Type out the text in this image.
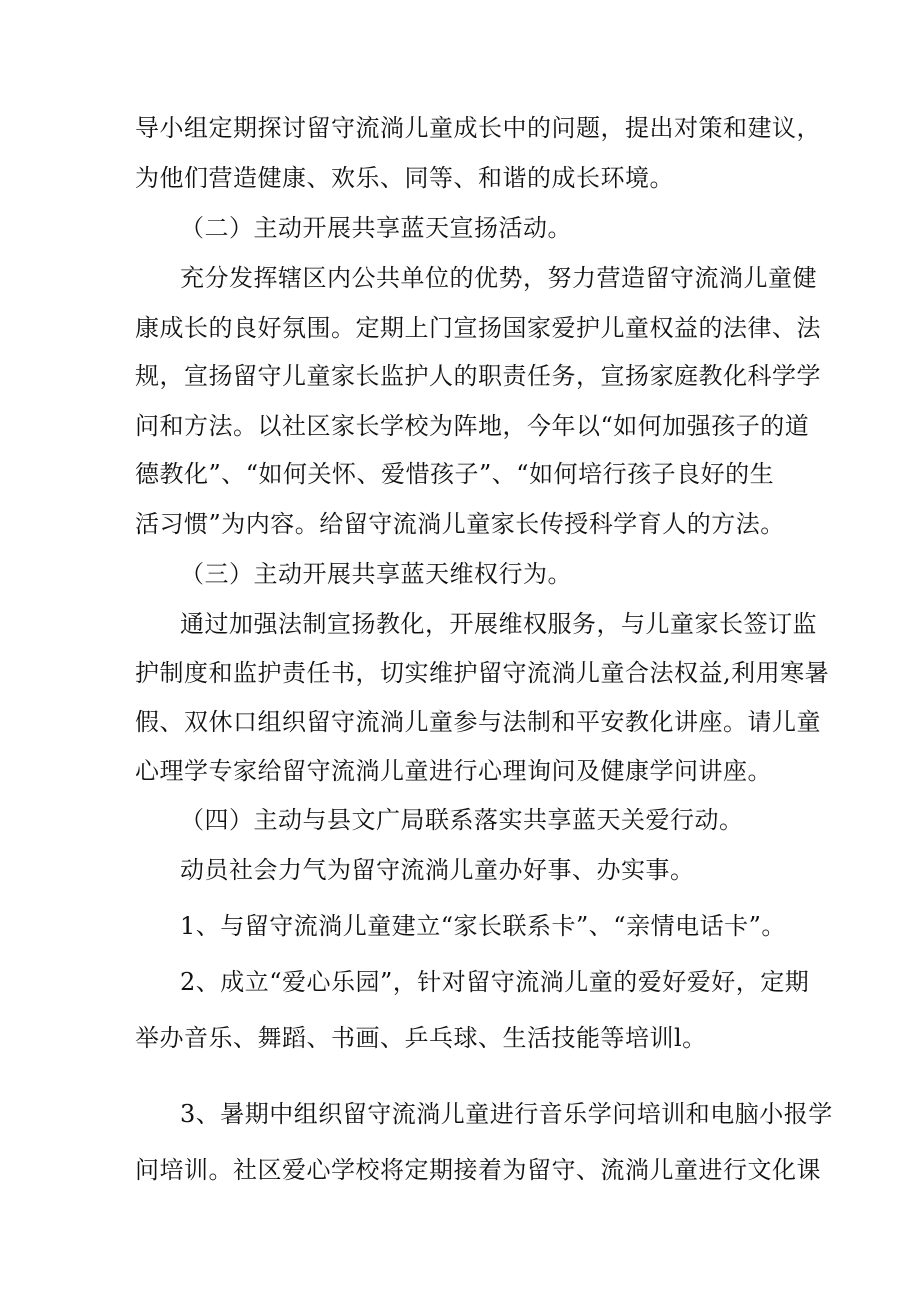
导小组定期探讨留守流淌儿童成长中的问题，提出对策和建议，

为他们营造健康、欢乐、同等、和谐的成长环境。

（二）主动开展共享蓝天宣扬活动。

充分发挥辖区内公共单位的优势，努力营造留守流淌儿童健

康成长的良好氛围。定期上门宣扬国家爱护儿童权益的法律、法

规，宣扬留守儿童家长监护人的职责任务，宣扬家庭教化科学学

问和方法。以社区家长学校为阵地，今年以“如何加强孩子的道

德教化”、“如何关怀、爱惜孩子”、“如何培行孩子良好的生

活习惯”为内容。给留守流淌儿童家长传授科学育人的方法。

（三）主动开展共享蓝天维权行为。

通过加强法制宣扬教化，开展维权服务，与儿童家长签订监

护制度和监护责任书，切实维护留守流淌儿童合法权益,利用寒暑

假、双休口组织留守流淌儿童参与法制和平安教化讲座。请儿童

心理学专家给留守流淌儿童进行心理询问及健康学问讲座。

（四）主动与县文广局联系落实共享蓝天关爱行动。

动员社会力气为留守流淌儿童办好事、办实事。

1、与留守流淌儿童建立“家长联系卡”、“亲情电话卡”。

2、成立“爱心乐园”，针对留守流淌儿童的爱好爱好，定期

举办音乐、舞蹈、书画、乒乓球、生活技能等培训l。

3、暑期中组织留守流淌儿童进行音乐学问培训和电脑小报学

问培训。社区爱心学校将定期接着为留守、流淌儿童进行文化课
